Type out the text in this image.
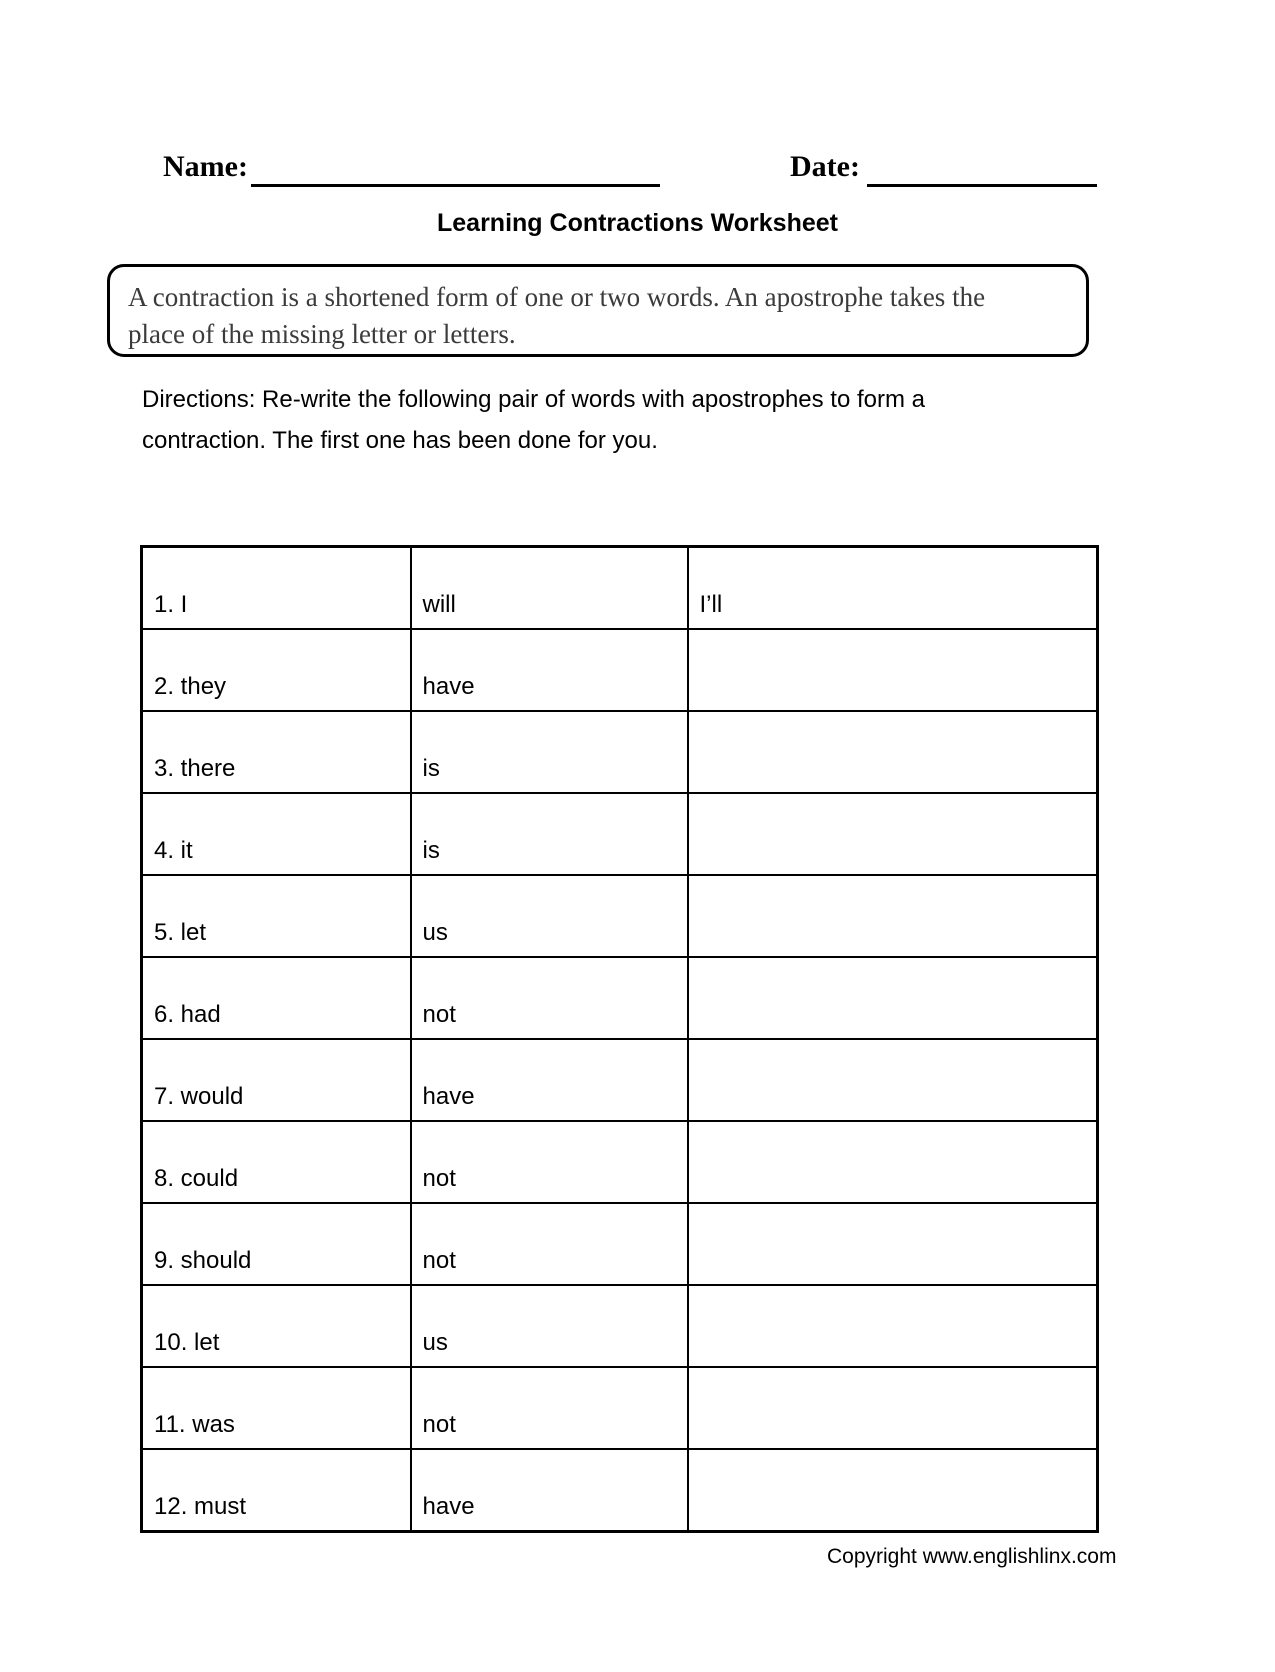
Name:	Date:
Learning Contractions Worksheet
A contraction is a shortened form of one or two words. An apostrophe takes the
place of the missing letter or letters.
Directions: Re-write the following pair of words with apostrophes to form a
contraction. The first one has been done for you.
1. I	will	I’ll
2. they	have	
3. there	is	
4. it	is	
5. let	us	
6. had	not	
7. would	have	
8. could	not	
9. should	not	
10. let	us	
11. was	not	
12. must	have	
Copyright www.englishlinx.com
